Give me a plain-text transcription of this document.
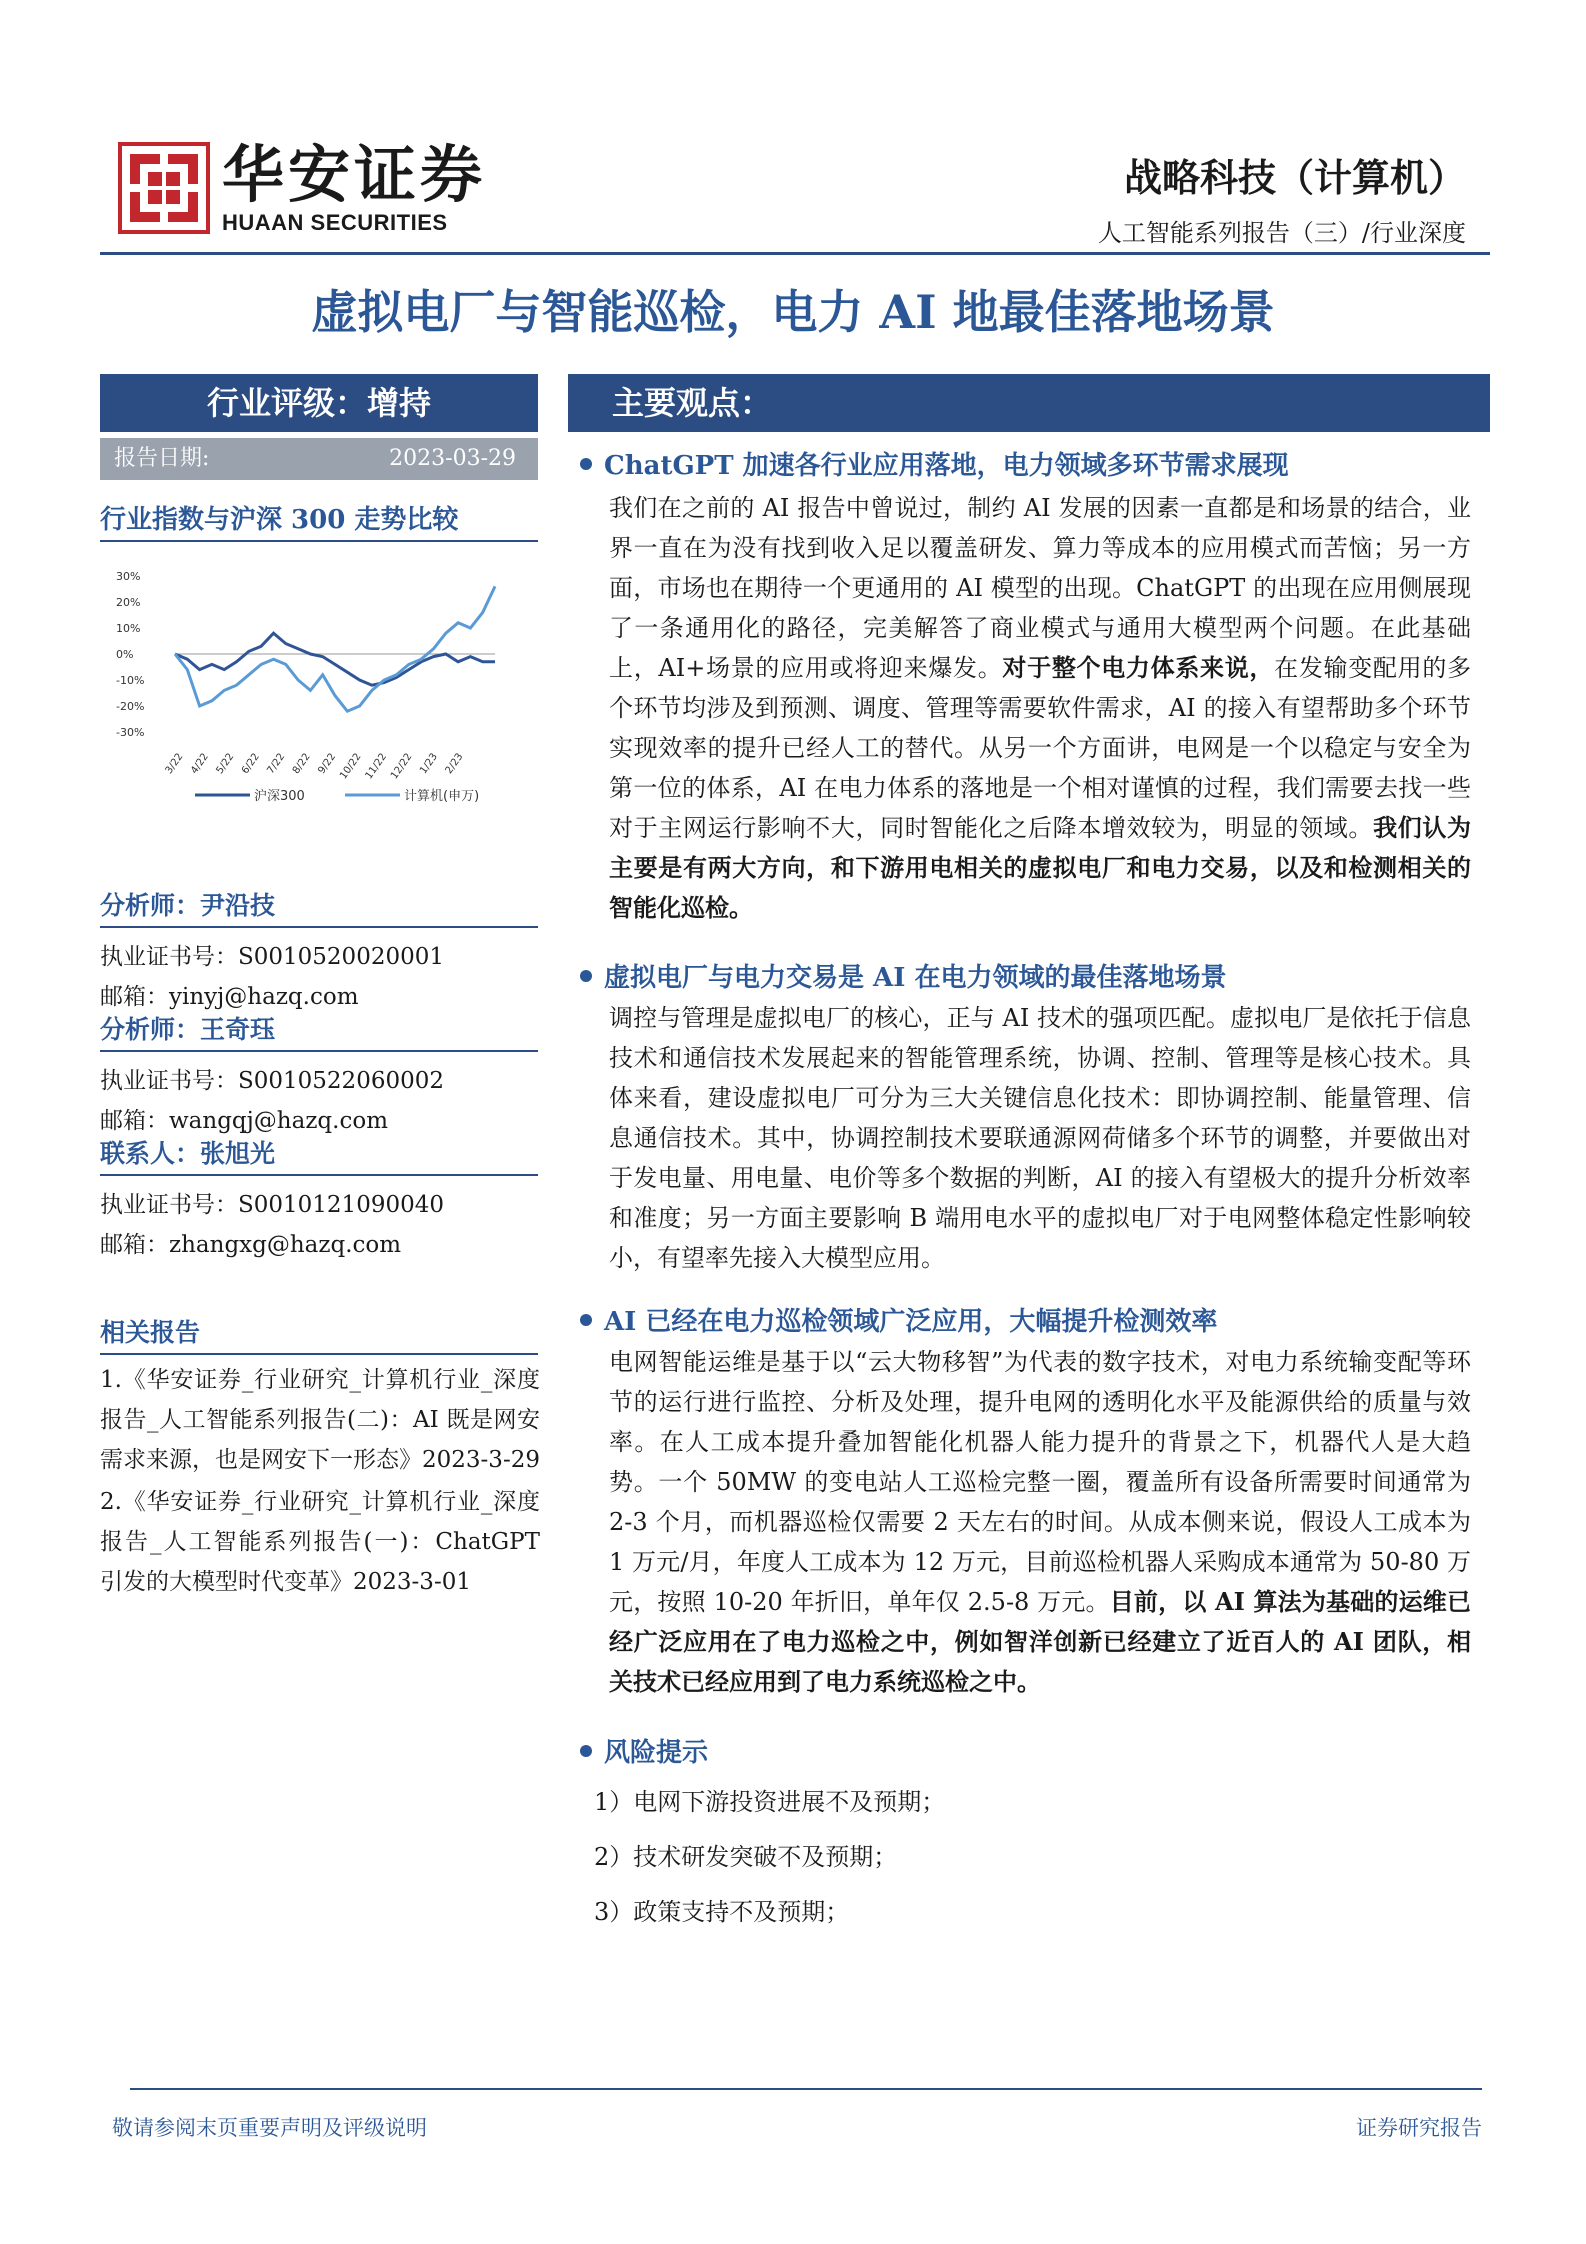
华安证券
HUAAN SECURITIES
战略科技（计算机）
人工智能系列报告（三）/行业深度
虚拟电厂与智能巡检，电力 AI 地最佳落地场景
行业评级：增持
报告日期:	2023-03-29
行业指数与沪深 300 走势比较
30%
20%
10%
0%
-10%
-20%
-30%
3/22 4/22 5/22 6/22 7/22 8/22 9/22 10/22 11/22 12/22 1/23 2/23
沪深300	计算机(申万)
分析师：尹沿技
执业证书号：S0010520020001
邮箱：yinyj@hazq.com
分析师：王奇珏
执业证书号：S0010522060002
邮箱：wangqj@hazq.com
联系人：张旭光
执业证书号：S0010121090040
邮箱：zhangxg@hazq.com
相关报告

1.《华安证券_行业研究_计算机行业_深度报告_人工智能系列报告(二)：AI 既是网安需求来源，也是网安下一形态》2023-3-29

2.《华安证券_行业研究_计算机行业_深度报告_人工智能系列报告(一)：ChatGPT 引发的大模型时代变革》2023-3-01

主要观点：
ChatGPT 加速各行业应用落地，电力领域多环节需求展现
我们在之前的 AI 报告中曾说过，制约 AI 发展的因素一直都是和场景的结合，业界一直在为没有找到收入足以覆盖研发、算力等成本的应用模式而苦恼；另一方面，市场也在期待一个更通用的 AI 模型的出现。ChatGPT 的出现在应用侧展现了一条通用化的路径，完美解答了商业模式与通用大模型两个问题。在此基础上，AI+场景的应用或将迎来爆发。对于整个电力体系来说，在发输变配用的多个环节均涉及到预测、调度、管理等需要软件需求，AI 的接入有望帮助多个环节实现效率的提升已经人工的替代。从另一个方面讲，电网是一个以稳定与安全为第一位的体系，AI 在电力体系的落地是一个相对谨慎的过程，我们需要去找一些对于主网运行影响不大，同时智能化之后降本增效较为，明显的领域。我们认为主要是有两大方向，和下游用电相关的虚拟电厂和电力交易，以及和检测相关的智能化巡检。
虚拟电厂与电力交易是 AI 在电力领域的最佳落地场景
调控与管理是虚拟电厂的核心，正与 AI 技术的强项匹配。虚拟电厂是依托于信息技术和通信技术发展起来的智能管理系统，协调、控制、管理等是核心技术。具体来看，建设虚拟电厂可分为三大关键信息化技术：即协调控制、能量管理、信息通信技术。其中，协调控制技术要联通源网荷储多个环节的调整，并要做出对于发电量、用电量、电价等多个数据的判断，AI 的接入有望极大的提升分析效率和准度；另一方面主要影响 B 端用电水平的虚拟电厂对于电网整体稳定性影响较小，有望率先接入大模型应用。
AI 已经在电力巡检领域广泛应用，大幅提升检测效率
电网智能运维是基于以“云大物移智”为代表的数字技术，对电力系统输变配等环节的运行进行监控、分析及处理，提升电网的透明化水平及能源供给的质量与效率。在人工成本提升叠加智能化机器人能力提升的背景之下，机器代人是大趋势。一个 50MW 的变电站人工巡检完整一圈，覆盖所有设备所需要时间通常为 2-3 个月，而机器巡检仅需要 2 天左右的时间。从成本侧来说，假设人工成本为 1 万元/月，年度人工成本为 12 万元，目前巡检机器人采购成本通常为 50-80 万元，按照 10-20 年折旧，单年仅 2.5-8 万元。目前，以 AI 算法为基础的运维已经广泛应用在了电力巡检之中，例如智洋创新已经建立了近百人的 AI 团队，相关技术已经应用到了电力系统巡检之中。
风险提示
1）电网下游投资进展不及预期；
2）技术研发突破不及预期；
3）政策支持不及预期；
敬请参阅末页重要声明及评级说明	证券研究报告
